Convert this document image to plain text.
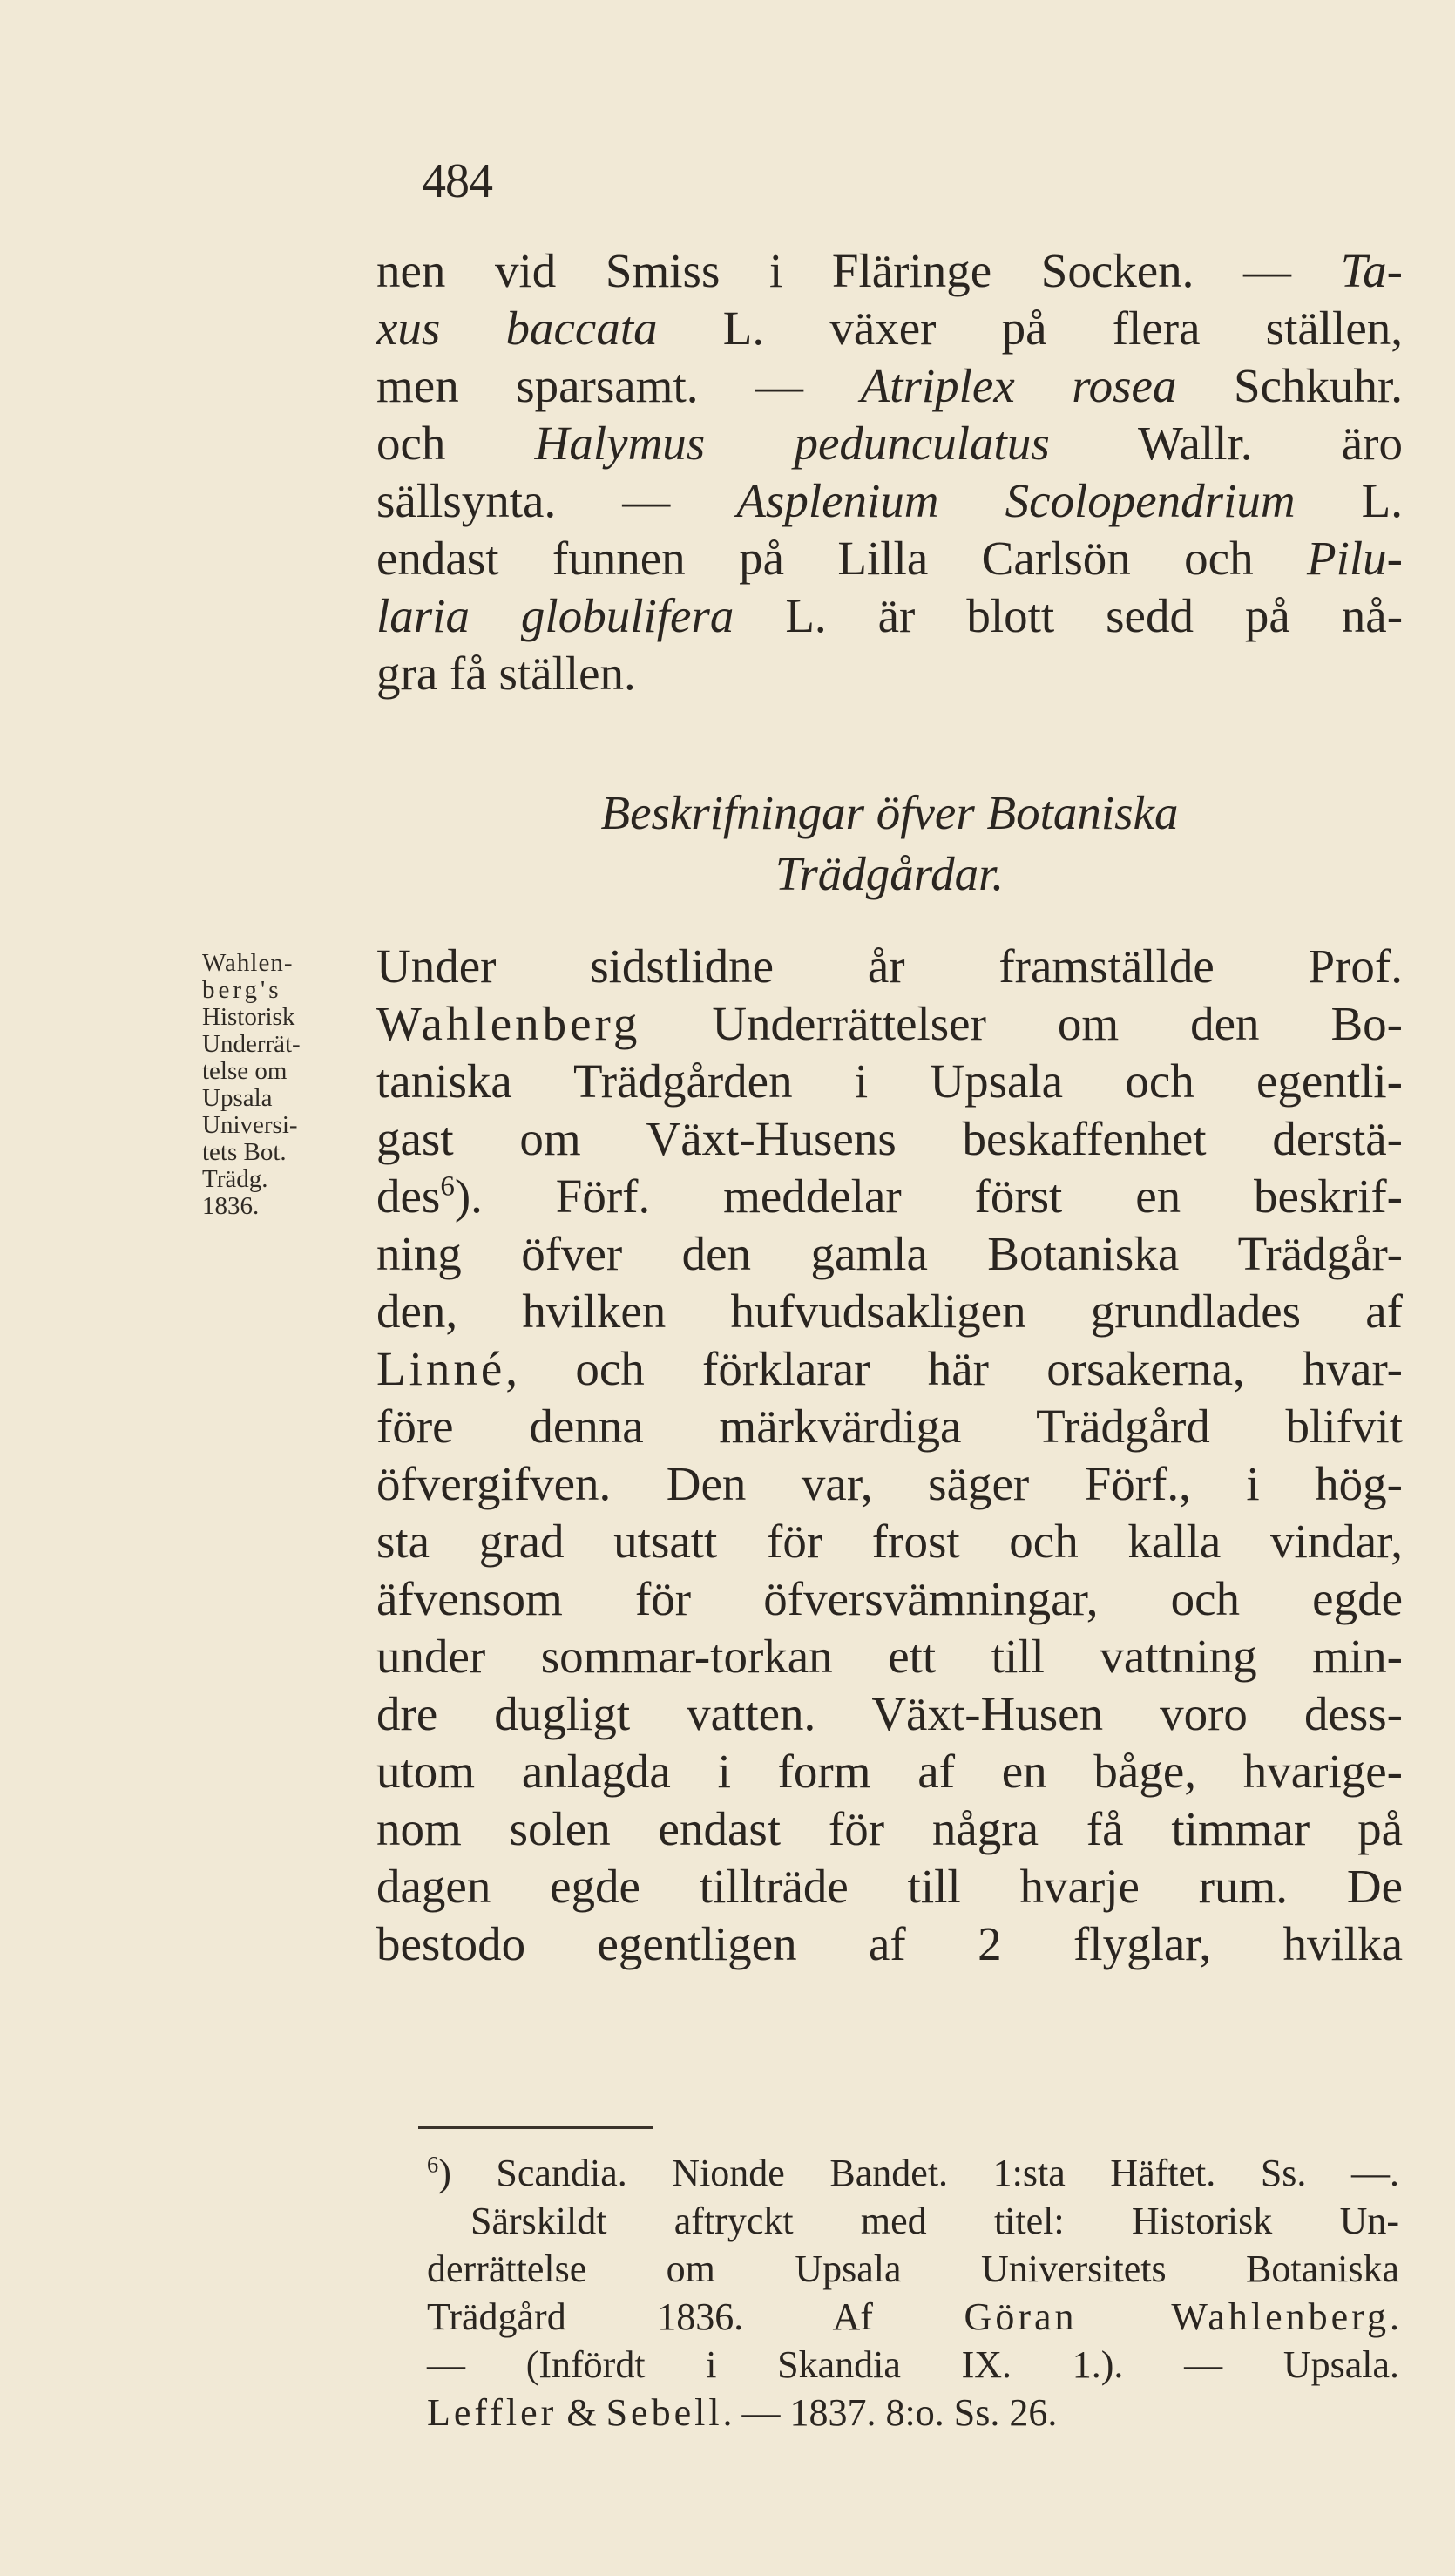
484

nen vid Smiss i Fläringe Socken. — Ta-
xus baccata L. växer på flera ställen,
men sparsamt. — Atriplex rosea Schkuhr.
och Halymus pedunculatus Wallr. äro
sällsynta. — Asplenium Scolopendrium L.
endast funnen på Lilla Carlsön och Pilu-
laria globulifera L. är blott sedd på nå-
gra få ställen.

Beskrifningar öfver Botaniska
Trädgårdar.
Wahlen-
berg's
Historisk
Underrät-
telse om
Upsala
Universi-
tets Bot.
Trädg.
1836.

Under sidstlidne år framställde Prof.
Wahlenberg Underrättelser om den Bo-
taniska Trädgården i Upsala och egentli-
gast om Växt-Husens beskaffenhet derstä-
des$^6$). Förf. meddelar först en beskrif-
ning öfver den gamla Botaniska Trädgår-
den, hvilken hufvudsakligen grundlades af
Linné, och förklarar här orsakerna, hvar-
före denna märkvärdiga Trädgård blifvit
öfvergifven. Den var, säger Förf., i hög-
sta grad utsatt för frost och kalla vindar,
äfvensom för öfversvämningar, och egde
under sommar-torkan ett till vattning min-
dre dugligt vatten. Växt-Husen voro dess-
utom anlagda i form af en båge, hvarige-
nom solen endast för några få timmar på
dagen egde tillträde till hvarje rum. De
bestodo egentligen af 2 flyglar, hvilka

$^6$) Scandia. Nionde Bandet. 1:sta Häftet. Ss. —.
Särskildt aftryckt med titel: Historisk Un-
derrättelse om Upsala Universitets Botaniska
Trädgård 1836. Af Göran Wahlenberg.
— (Infördt i Skandia IX. 1.). — Upsala.
Leffler & Sebell. — 1837. 8:o. Ss. 26.
